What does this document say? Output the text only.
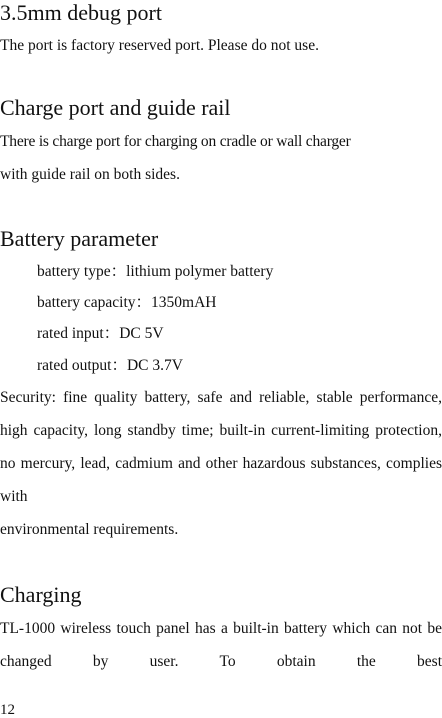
3.5mm debug port

The port is factory reserved port. Please do not use.

Charge port and guide rail

There is charge port for charging on cradle or wall charger

with guide rail on both sides.

Battery parameter
battery type：lithium polymer battery
battery capacity：1350mAH
rated input：DC 5V
rated output：DC 3.7V

Security: fine quality battery, safe and reliable, stable performance, high capacity, long standby time; built-in current-limiting protection, no mercury, lead, cadmium and other hazardous substances, complies with

environmental requirements.

Charging

TL-1000 wireless touch panel has a built-in battery which can not be changed by user. To obtain the best

12
